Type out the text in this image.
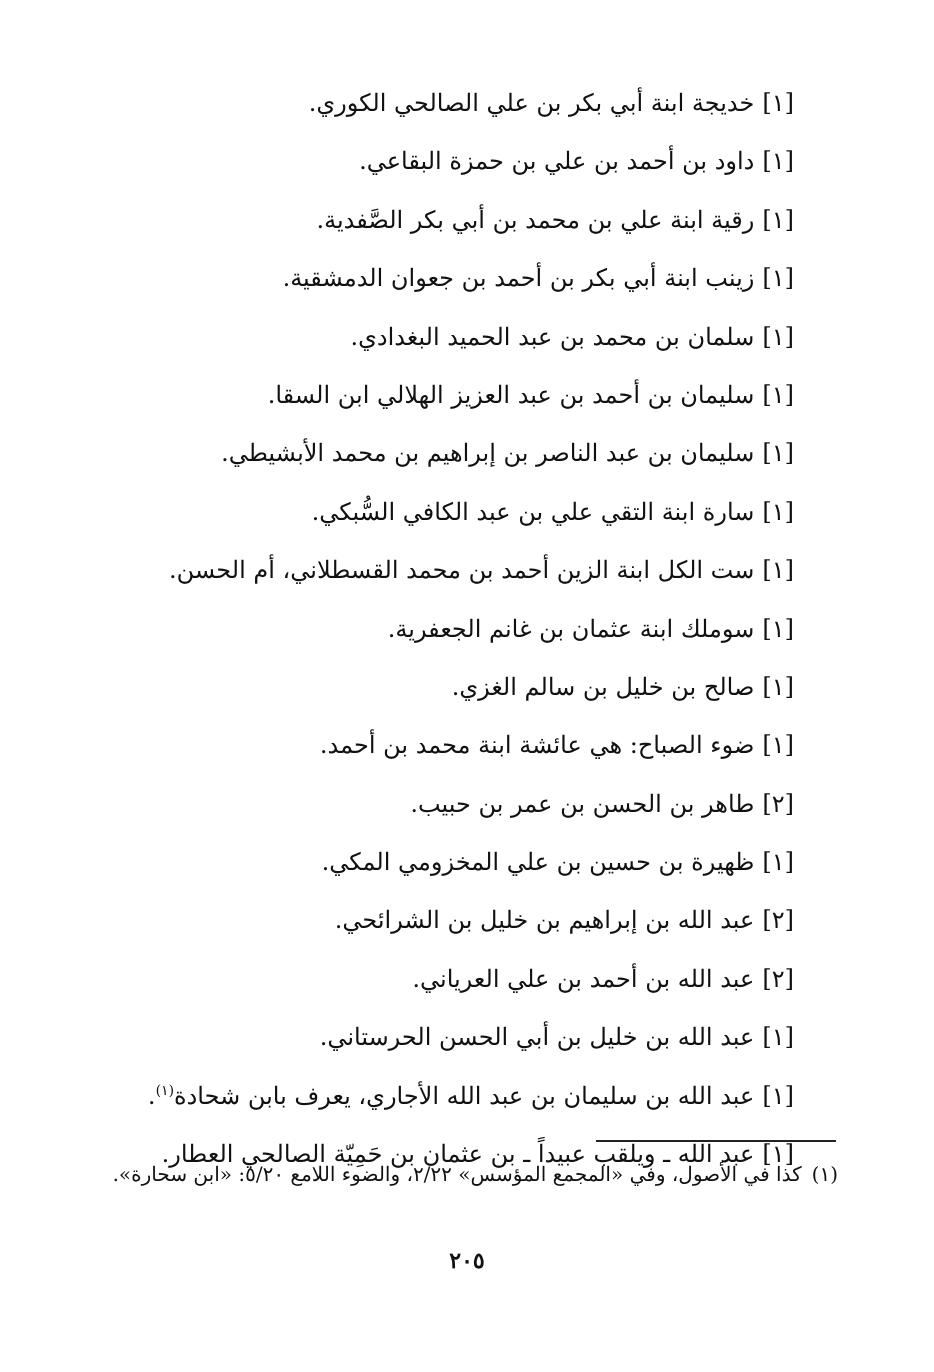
[١]خديجة ابنة أبي بكر بن علي الصالحي الكوري.
[١]داود بن أحمد بن علي بن حمزة البقاعي.
[١]رقية ابنة علي بن محمد بن أبي بكر الصَّفدية.
[١]زينب ابنة أبي بكر بن أحمد بن جعوان الدمشقية.
[١]سلمان بن محمد بن عبد الحميد البغدادي.
[١]سليمان بن أحمد بن عبد العزيز الهلالي ابن السقا.
[١]سليمان بن عبد الناصر بن إبراهيم بن محمد الأبشيطي.
[١]سارة ابنة التقي علي بن عبد الكافي السُّبكي.
[١]ست الكل ابنة الزين أحمد بن محمد القسطلاني، أم الحسن.
[١]سوملك ابنة عثمان بن غانم الجعفرية.
[١]صالح بن خليل بن سالم الغزي.
[١]ضوء الصباح: هي عائشة ابنة محمد بن أحمد.
[٢]طاهر بن الحسن بن عمر بن حبيب.
[١]ظهيرة بن حسين بن علي المخزومي المكي.
[٢]عبد الله بن إبراهيم بن خليل بن الشرائحي.
[٢]عبد الله بن أحمد بن علي العرياني.
[١]عبد الله بن خليل بن أبي الحسن الحرستاني.
[١]عبد الله بن سليمان بن عبد الله الأجاري، يعرف بابن شحادة$^{(١)}$.
[١]عبد الله ـ ويلقب عبيداً ـ بن عثمان بن حَمِيّة الصالحي العطار.
(١)كذا في الأصول، وفي «المجمع المؤسس» ٢/٢٢، والضوء اللامع ٥/٢٠: «ابن سحارة».
٢٠٥
